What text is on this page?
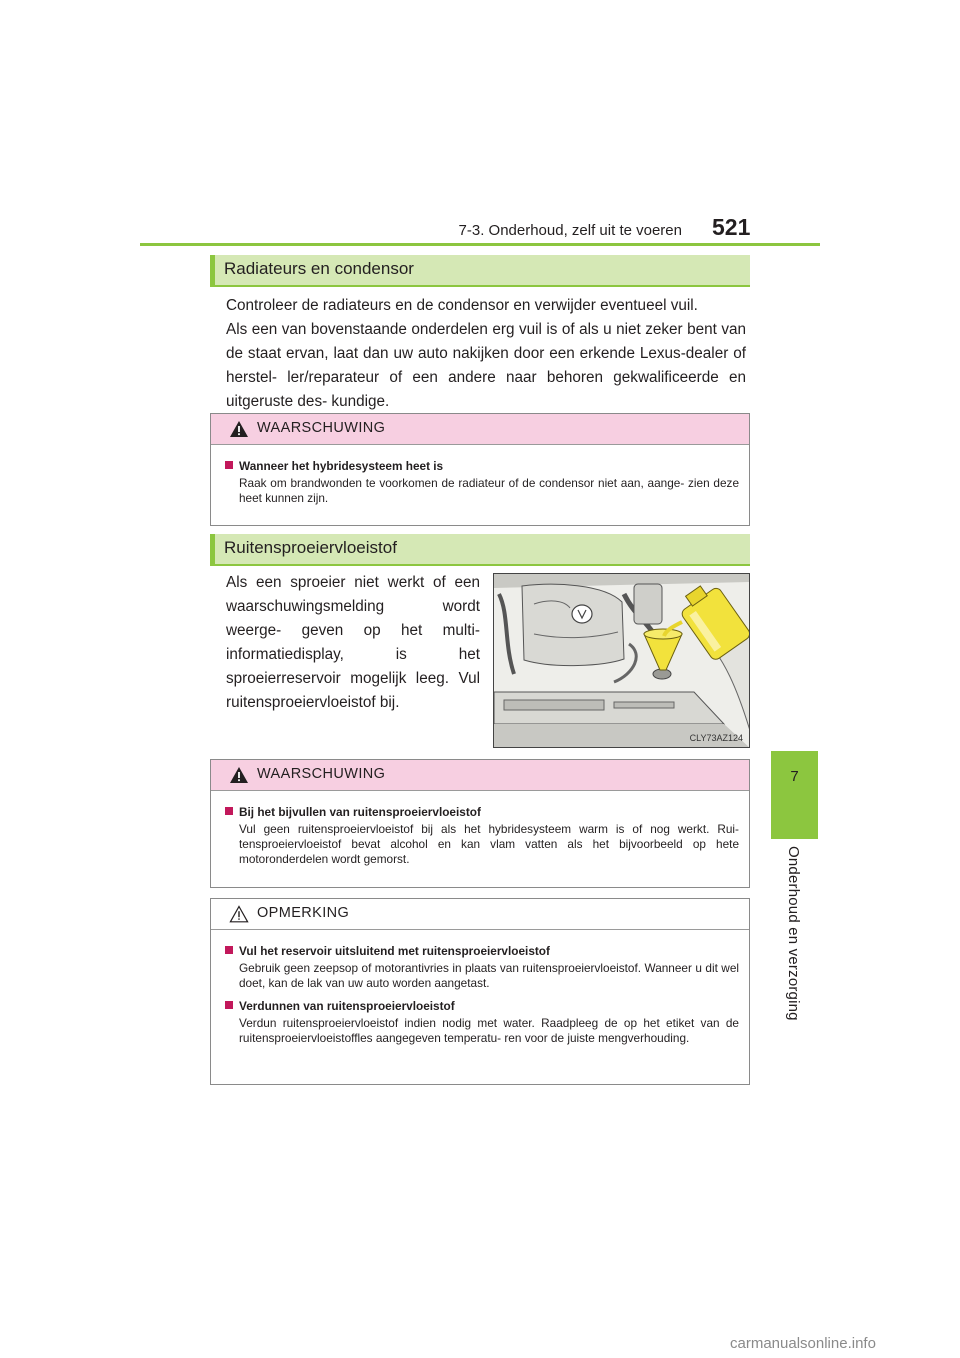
7-3. Onderhoud, zelf uit te voeren 521
7
Onderhoud en verzorging
Radiateurs en condensor

Controleer de radiateurs en de condensor en verwijder eventueel vuil.

Als een van bovenstaande onderdelen erg vuil is of als u niet zeker bent van de staat ervan, laat dan uw auto nakijken door een erkende Lexus-dealer of herstel- ler/reparateur of een andere naar behoren gekwalificeerde en uitgeruste des- kundige.

WAARSCHUWING
Wanneer het hybridesysteem heet is
Raak om brandwonden te voorkomen de radiateur of de condensor niet aan, aange- zien deze heet kunnen zijn.
Ruitensproeiervloeistof

Als een sproeier niet werkt of een waarschuwingsmelding wordt weerge- geven op het multi-informatiedisplay, is het sproeierreservoir mogelijk leeg. Vul ruitensproeiervloeistof bij.

CLY73AZ124
WAARSCHUWING
Bij het bijvullen van ruitensproeiervloeistof
Vul geen ruitensproeiervloeistof bij als het hybridesysteem warm is of nog werkt. Rui- tensproeiervloeistof bevat alcohol en kan vlam vatten als het bijvoorbeeld op hete motoronderdelen wordt gemorst.
OPMERKING
Vul het reservoir uitsluitend met ruitensproeiervloeistof
Gebruik geen zeepsop of motorantivries in plaats van ruitensproeiervloeistof. Wanneer u dit wel doet, kan de lak van uw auto worden aangetast.
Verdunnen van ruitensproeiervloeistof
Verdun ruitensproeiervloeistof indien nodig met water. Raadpleeg de op het etiket van de ruitensproeiervloeistoffles aangegeven temperatu- ren voor de juiste mengverhouding.
carmanualsonline.info
